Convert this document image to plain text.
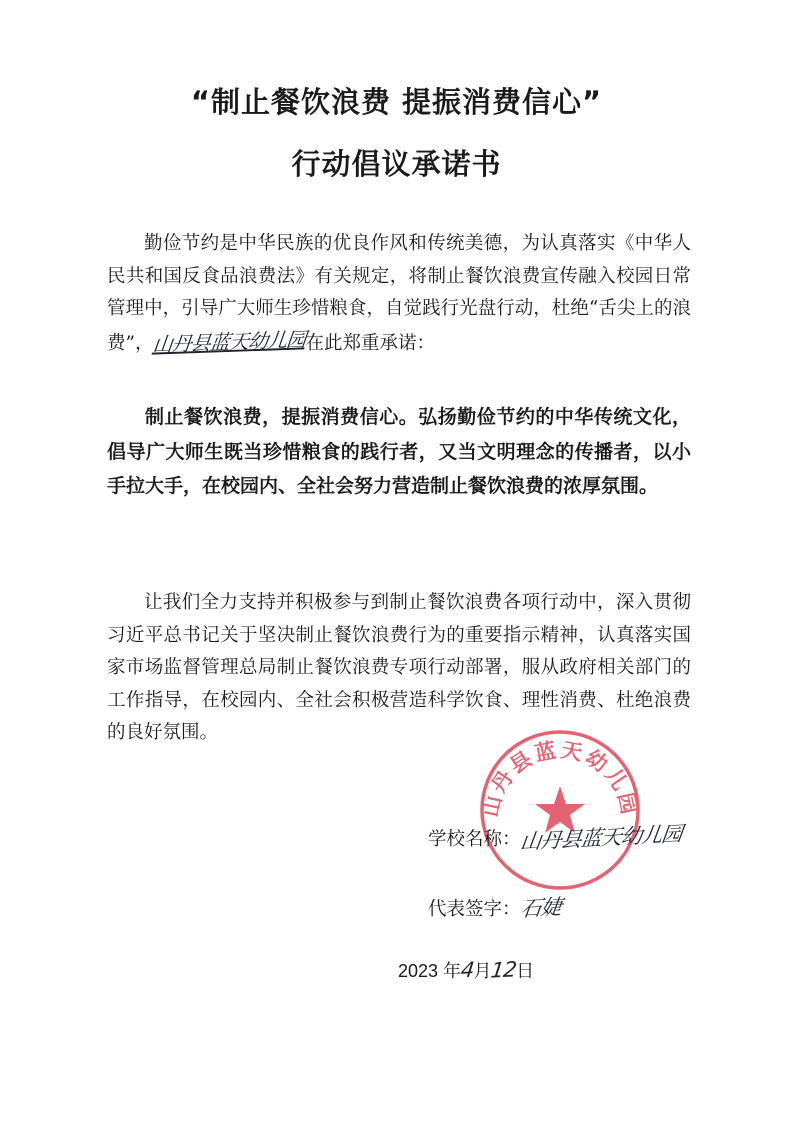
“制止餐饮浪费 提振消费信心”
行动倡议承诺书

勤俭节约是中华民族的优良作风和传统美德，为认真落实《中华人民共和国反食品浪费法》有关规定，将制止餐饮浪费宣传融入校园日常管理中，引导广大师生珍惜粮食，自觉践行光盘行动，杜绝“舌尖上的浪费”，山丹县蓝天幼儿园在此郑重承诺：

制止餐饮浪费，提振消费信心。弘扬勤俭节约的中华传统文化，倡导广大师生既当珍惜粮食的践行者，又当文明理念的传播者，以小手拉大手，在校园内、全社会努力营造制止餐饮浪费的浓厚氛围。

让我们全力支持并积极参与到制止餐饮浪费各项行动中，深入贯彻习近平总书记关于坚决制止餐饮浪费行为的重要指示精神，认真落实国家市场监督管理总局制止餐饮浪费专项行动部署，服从政府相关部门的工作指导，在校园内、全社会积极营造科学饮食、理性消费、杜绝浪费的良好氛围。

山丹县蓝天幼儿园
学校名称：山丹县蓝天幼儿园
代表签字：石婕
2023 年4月12日
